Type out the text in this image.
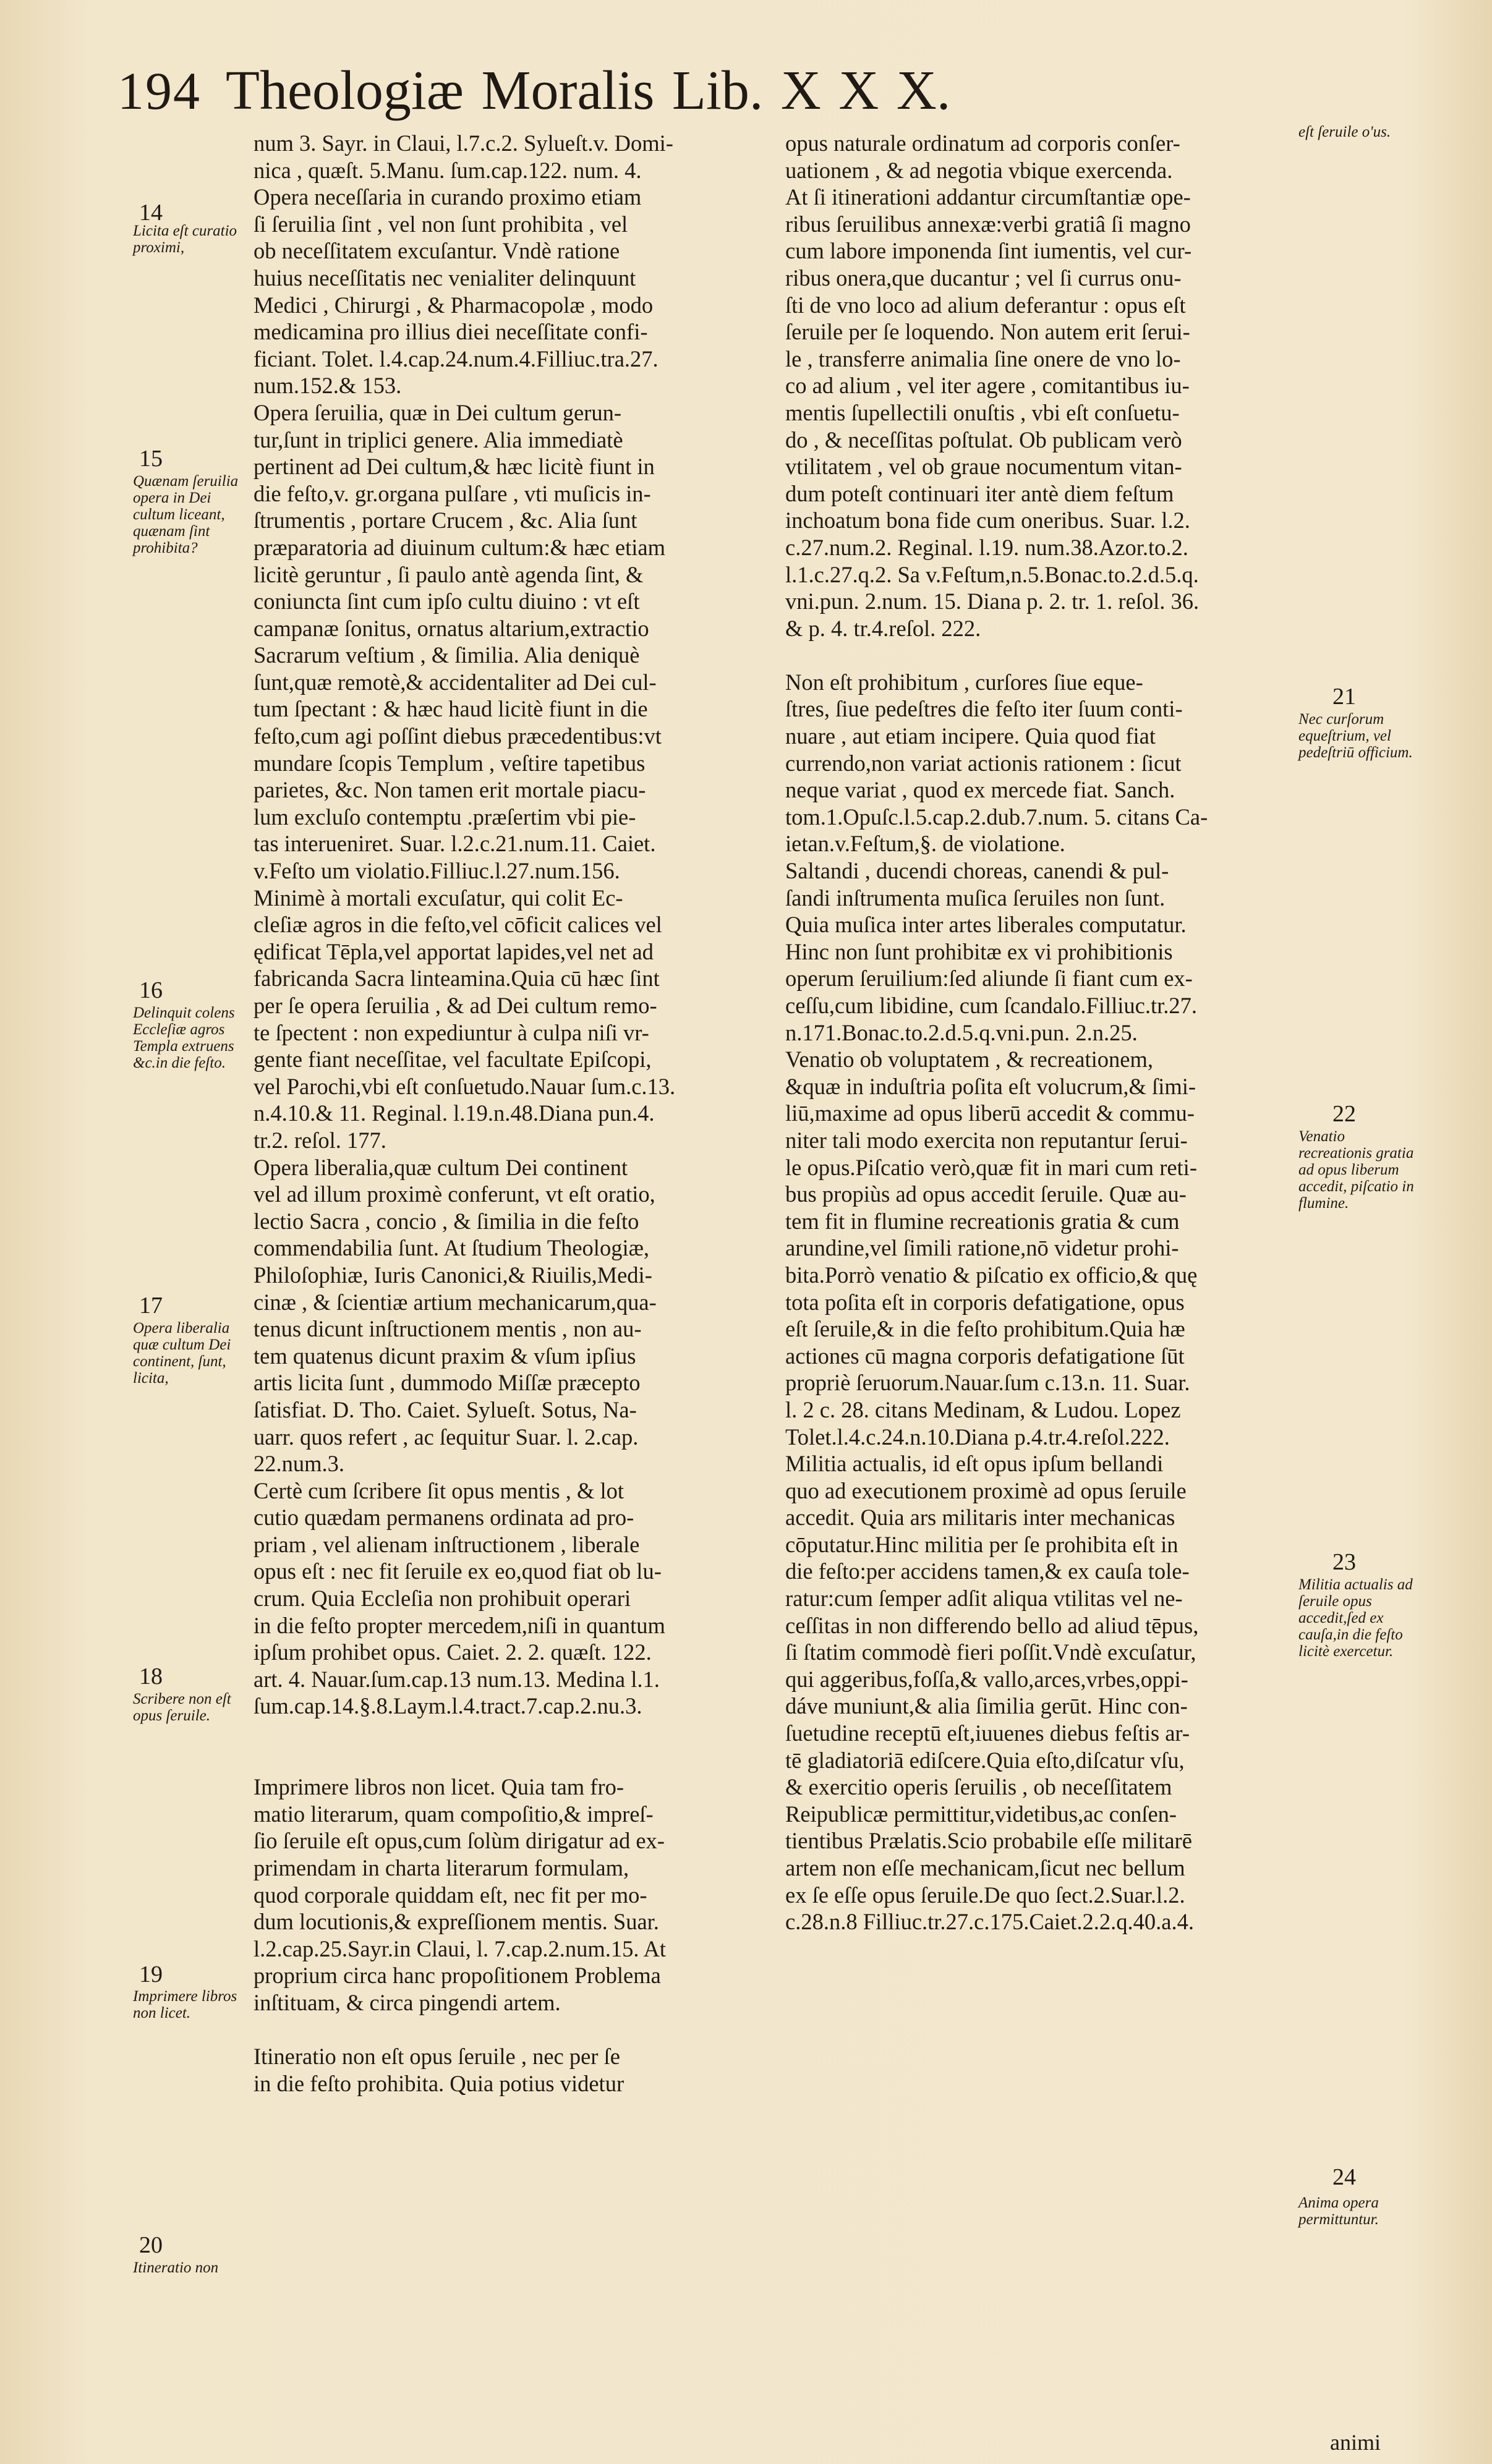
194 Theologiæ Moralis Lib. X X X.
num 3. Sayr. in Claui, l.7.c.2. Sylueſt.v. Domi-
nica , quæſt. 5.Manu. ſum.cap.122. num. 4.
Opera neceſſaria in curando proximo etiam
ſi ſeruilia ſint , vel non ſunt prohibita , vel
ob neceſſitatem excuſantur. Vndè ratione
huius neceſſitatis nec venialiter delinquunt
Medici , Chirurgi , & Pharmacopolæ , modo
medicamina pro illius diei neceſſitate confi-
ficiant. Tolet. l.4.cap.24.num.4.Filliuc.tra.27.
num.152.& 153.
Opera ſeruilia, quæ in Dei cultum gerun-
tur,ſunt in triplici genere. Alia immediatè
pertinent ad Dei cultum,& hæc licitè fiunt in
die feſto,v. gr.organa pulſare , vti muſicis in-
ſtrumentis , portare Crucem , &c. Alia ſunt
præparatoria ad diuinum cultum:& hæc etiam
licitè geruntur , ſi paulo antè agenda ſint, &
coniuncta ſint cum ipſo cultu diuino : vt eſt
campanæ ſonitus, ornatus altarium,extractio
Sacrarum veſtium , & ſimilia. Alia deniquè
ſunt,quæ remotè,& accidentaliter ad Dei cul-
tum ſpectant : & hæc haud licitè fiunt in die
feſto,cum agi poſſint diebus præcedentibus:vt
mundare ſcopis Templum , veſtire tapetibus
parietes, &c. Non tamen erit mortale piacu-
lum excluſo contemptu .præſertim vbi pie-
tas interueniret. Suar. l.2.c.21.num.11. Caiet.
v.Feſto um violatio.Filliuc.l.27.num.156.
Minimè à mortali excuſatur, qui colit Ec-
cleſiæ agros in die feſto,vel cōficit calices vel
ędificat Tēpla,vel apportat lapides,vel net ad
fabricanda Sacra linteamina.Quia cū hæc ſint
per ſe opera ſeruilia , & ad Dei cultum remo-
te ſpectent : non expediuntur à culpa niſi vr-
gente fiant neceſſitae, vel facultate Epiſcopi,
vel Parochi,vbi eſt conſuetudo.Nauar ſum.c.13.
n.4.10.& 11. Reginal. l.19.n.48.Diana pun.4.
tr.2. reſol. 177.
Opera liberalia,quæ cultum Dei continent
vel ad illum proximè conferunt, vt eſt oratio,
lectio Sacra , concio , & ſimilia in die feſto
commendabilia ſunt. At ſtudium Theologiæ,
Philoſophiæ, Iuris Canonici,& Riuilis,Medi-
cinæ , & ſcientiæ artium mechanicarum,qua-
tenus dicunt inſtructionem mentis , non au-
tem quatenus dicunt praxim & vſum ipſius
artis licita ſunt , dummodo Miſſæ præcepto
ſatisfiat. D. Tho. Caiet. Sylueſt. Sotus, Na-
uarr. quos refert , ac ſequitur Suar. l. 2.cap.
22.num.3.
Certè cum ſcribere ſit opus mentis , & lot
cutio quædam permanens ordinata ad pro-
priam , vel alienam inſtructionem , liberale
opus eſt : nec fit ſeruile ex eo,quod fiat ob lu-
crum. Quia Eccleſia non prohibuit operari
in die feſto propter mercedem,niſi in quantum
ipſum prohibet opus. Caiet. 2. 2. quæſt. 122.
art. 4. Nauar.ſum.cap.13 num.13. Medina l.1.
ſum.cap.14.§.8.Laym.l.4.tract.7.cap.2.nu.3.
Imprimere libros non licet. Quia tam fro-
matio literarum, quam compoſitio,& impreſ-
ſio ſeruile eſt opus,cum ſolùm dirigatur ad ex-
primendam in charta literarum formulam,
quod corporale quiddam eſt, nec fit per mo-
dum locutionis,& expreſſionem mentis. Suar.
l.2.cap.25.Sayr.in Claui, l. 7.cap.2.num.15. At
proprium circa hanc propoſitionem Problema
inſtituam, & circa pingendi artem.
Itineratio non eſt opus ſeruile , nec per ſe
in die feſto prohibita. Quia potius videtur
opus naturale ordinatum ad corporis conſer-
uationem , & ad negotia vbique exercenda.
At ſi itinerationi addantur circumſtantiæ ope-
ribus ſeruilibus annexæ:verbi gratiâ ſi magno
cum labore imponenda ſint iumentis, vel cur-
ribus onera,que ducantur ; vel ſi currus onu-
ſti de vno loco ad alium deferantur : opus eſt
ſeruile per ſe loquendo. Non autem erit ſerui-
le , transferre animalia ſine onere de vno lo-
co ad alium , vel iter agere , comitantibus iu-
mentis ſupellectili onuſtis , vbi eſt conſuetu-
do , & neceſſitas poſtulat. Ob publicam verò
vtilitatem , vel ob graue nocumentum vitan-
dum poteſt continuari iter antè diem feſtum
inchoatum bona fide cum oneribus. Suar. l.2.
c.27.num.2. Reginal. l.19. num.38.Azor.to.2.
l.1.c.27.q.2. Sa v.Feſtum,n.5.Bonac.to.2.d.5.q.
vni.pun. 2.num. 15. Diana p. 2. tr. 1. reſol. 36.
& p. 4. tr.4.reſol. 222.
Non eſt prohibitum , curſores ſiue eque-
ſtres, ſiue pedeſtres die feſto iter ſuum conti-
nuare , aut etiam incipere. Quia quod fiat
currendo,non variat actionis rationem : ſicut
neque variat , quod ex mercede fiat. Sanch.
tom.1.Opuſc.l.5.cap.2.dub.7.num. 5. citans Ca-
ietan.v.Feſtum,§. de violatione.
Saltandi , ducendi choreas, canendi & pul-
ſandi inſtrumenta muſica ſeruiles non ſunt.
Quia muſica inter artes liberales computatur.
Hinc non ſunt prohibitæ ex vi prohibitionis
operum ſeruilium:ſed aliunde ſi fiant cum ex-
ceſſu,cum libidine, cum ſcandalo.Filliuc.tr.27.
n.171.Bonac.to.2.d.5.q.vni.pun. 2.n.25.
Venatio ob voluptatem , & recreationem,
&quæ in induſtria poſita eſt volucrum,& ſimi-
liū,maxime ad opus liberū accedit & commu-
niter tali modo exercita non reputantur ſerui-
le opus.Piſcatio verò,quæ fit in mari cum reti-
bus propiùs ad opus accedit ſeruile. Quæ au-
tem fit in flumine recreationis gratia & cum
arundine,vel ſimili ratione,nō videtur prohi-
bita.Porrò venatio & piſcatio ex officio,& quę
tota poſita eſt in corporis defatigatione, opus
eſt ſeruile,& in die feſto prohibitum.Quia hæ
actiones cū magna corporis defatigatione ſūt
propriè ſeruorum.Nauar.ſum c.13.n. 11. Suar.
l. 2 c. 28. citans Medinam, & Ludou. Lopez
Tolet.l.4.c.24.n.10.Diana p.4.tr.4.reſol.222.
Militia actualis, id eſt opus ipſum bellandi
quo ad executionem proximè ad opus ſeruile
accedit. Quia ars militaris inter mechanicas
cōputatur.Hinc militia per ſe prohibita eſt in
die feſto:per accidens tamen,& ex cauſa tole-
ratur:cum ſemper adſit aliqua vtilitas vel ne-
ceſſitas in non differendo bello ad aliud tēpus,
ſi ſtatim commodè fieri poſſit.Vndè excuſatur,
qui aggeribus,foſſa,& vallo,arces,vrbes,oppi-
dáve muniunt,& alia ſimilia gerūt. Hinc con-
ſuetudine receptū eſt,iuuenes diebus feſtis ar-
tē gladiatoriā ediſcere.Quia eſto,diſcatur vſu,
& exercitio operis ſeruilis , ob neceſſitatem
Reipublicæ permittitur,videtibus,ac conſen-
tientibus Prælatis.Scio probabile eſſe militarē
artem non eſſe mechanicam,ſicut nec bellum
ex ſe eſſe opus ſeruile.De quo ſect.2.Suar.l.2.
c.28.n.8 Filliuc.tr.27.c.175.Caiet.2.2.q.40.a.4.
14
Licita eſt curatio proximi,
15
Quænam ſeruilia opera in Dei cultum liceant, quænam ſint prohibita?
16
Delinquit colens Eccleſiæ agros Templa extruens &c.in die feſto.
17
Opera liberalia quæ cultum Dei continent, ſunt, licita,
18
Scribere non eſt opus ſeruile.
19
Imprimere libros non licet.
20
Itineratio non
eſt ſeruile o'us.
21
Nec curſorum equeſtrium, vel pedeſtriū officium.
22
Venatio recreationis gratia ad opus liberum accedit, piſcatio in flumine.
23
Militia actualis ad ſeruile opus accedit,ſed ex cauſa,in die feſto licitè exercetur.
24
Anima opera permittuntur.
animi
